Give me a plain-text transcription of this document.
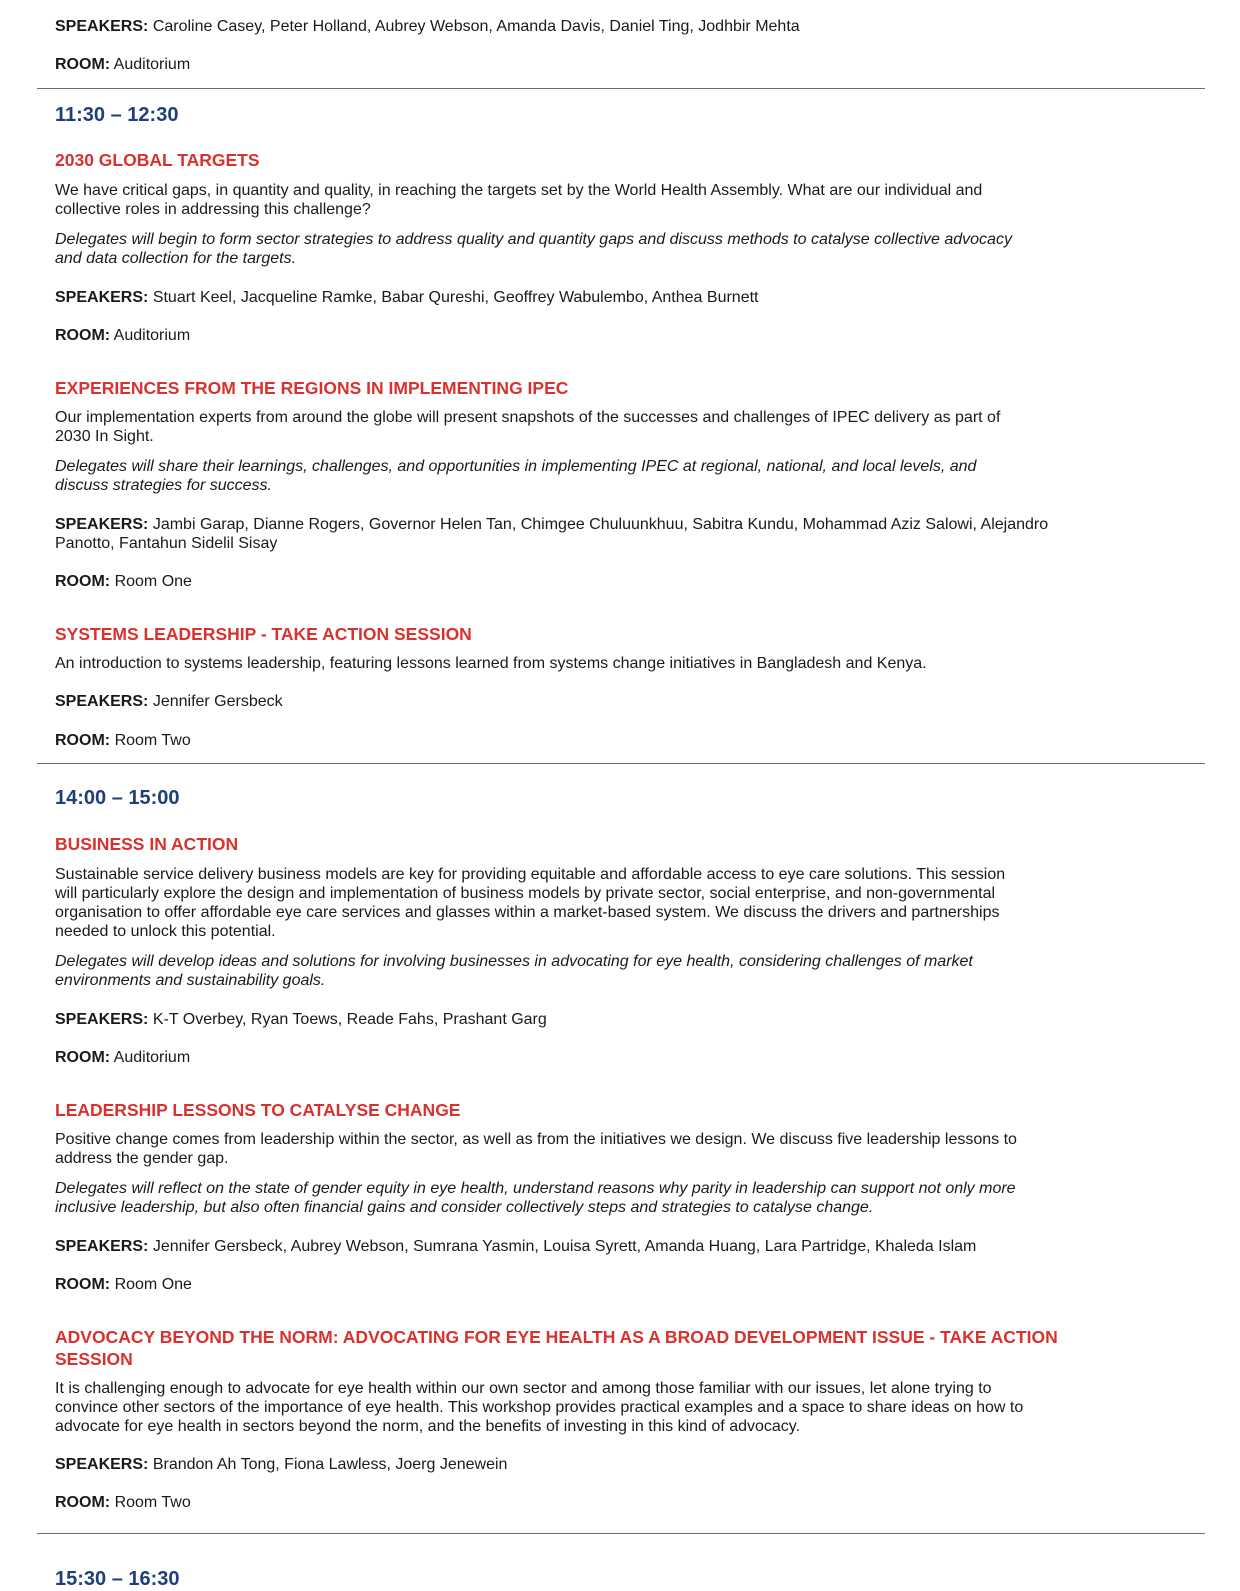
SPEAKERS: Caroline Casey, Peter Holland, Aubrey Webson, Amanda Davis, Daniel Ting, Jodhbir Mehta
ROOM: Auditorium
11:30 – 12:30
2030 GLOBAL TARGETS
We have critical gaps, in quantity and quality, in reaching the targets set by the World Health Assembly. What are our individual and
collective roles in addressing this challenge?
Delegates will begin to form sector strategies to address quality and quantity gaps and discuss methods to catalyse collective advocacy
and data collection for the targets.
SPEAKERS: Stuart Keel, Jacqueline Ramke, Babar Qureshi, Geoffrey Wabulembo, Anthea Burnett
ROOM: Auditorium
EXPERIENCES FROM THE REGIONS IN IMPLEMENTING IPEC
Our implementation experts from around the globe will present snapshots of the successes and challenges of IPEC delivery as part of
2030 In Sight.
Delegates will share their learnings, challenges, and opportunities in implementing IPEC at regional, national, and local levels, and
discuss strategies for success.
SPEAKERS: Jambi Garap, Dianne Rogers, Governor Helen Tan, Chimgee Chuluunkhuu, Sabitra Kundu, Mohammad Aziz Salowi, Alejandro
Panotto, Fantahun Sidelil Sisay
ROOM: Room One
SYSTEMS LEADERSHIP - TAKE ACTION SESSION
An introduction to systems leadership, featuring lessons learned from systems change initiatives in Bangladesh and Kenya.
SPEAKERS: Jennifer Gersbeck
ROOM: Room Two
14:00 – 15:00
BUSINESS IN ACTION
Sustainable service delivery business models are key for providing equitable and affordable access to eye care solutions. This session
will particularly explore the design and implementation of business models by private sector, social enterprise, and non-governmental
organisation to offer affordable eye care services and glasses within a market-based system. We discuss the drivers and partnerships
needed to unlock this potential.
Delegates will develop ideas and solutions for involving businesses in advocating for eye health, considering challenges of market
environments and sustainability goals.
SPEAKERS: K-T Overbey, Ryan Toews, Reade Fahs, Prashant Garg
ROOM: Auditorium
LEADERSHIP LESSONS TO CATALYSE CHANGE
Positive change comes from leadership within the sector, as well as from the initiatives we design. We discuss five leadership lessons to
address the gender gap.
Delegates will reflect on the state of gender equity in eye health, understand reasons why parity in leadership can support not only more
inclusive leadership, but also often financial gains and consider collectively steps and strategies to catalyse change.
SPEAKERS: Jennifer Gersbeck, Aubrey Webson, Sumrana Yasmin, Louisa Syrett, Amanda Huang, Lara Partridge, Khaleda Islam
ROOM: Room One
ADVOCACY BEYOND THE NORM: ADVOCATING FOR EYE HEALTH AS A BROAD DEVELOPMENT ISSUE - TAKE ACTION
SESSION
It is challenging enough to advocate for eye health within our own sector and among those familiar with our issues, let alone trying to
convince other sectors of the importance of eye health. This workshop provides practical examples and a space to share ideas on how to
advocate for eye health in sectors beyond the norm, and the benefits of investing in this kind of advocacy.
SPEAKERS: Brandon Ah Tong, Fiona Lawless, Joerg Jenewein
ROOM: Room Two
15:30 – 16:30
